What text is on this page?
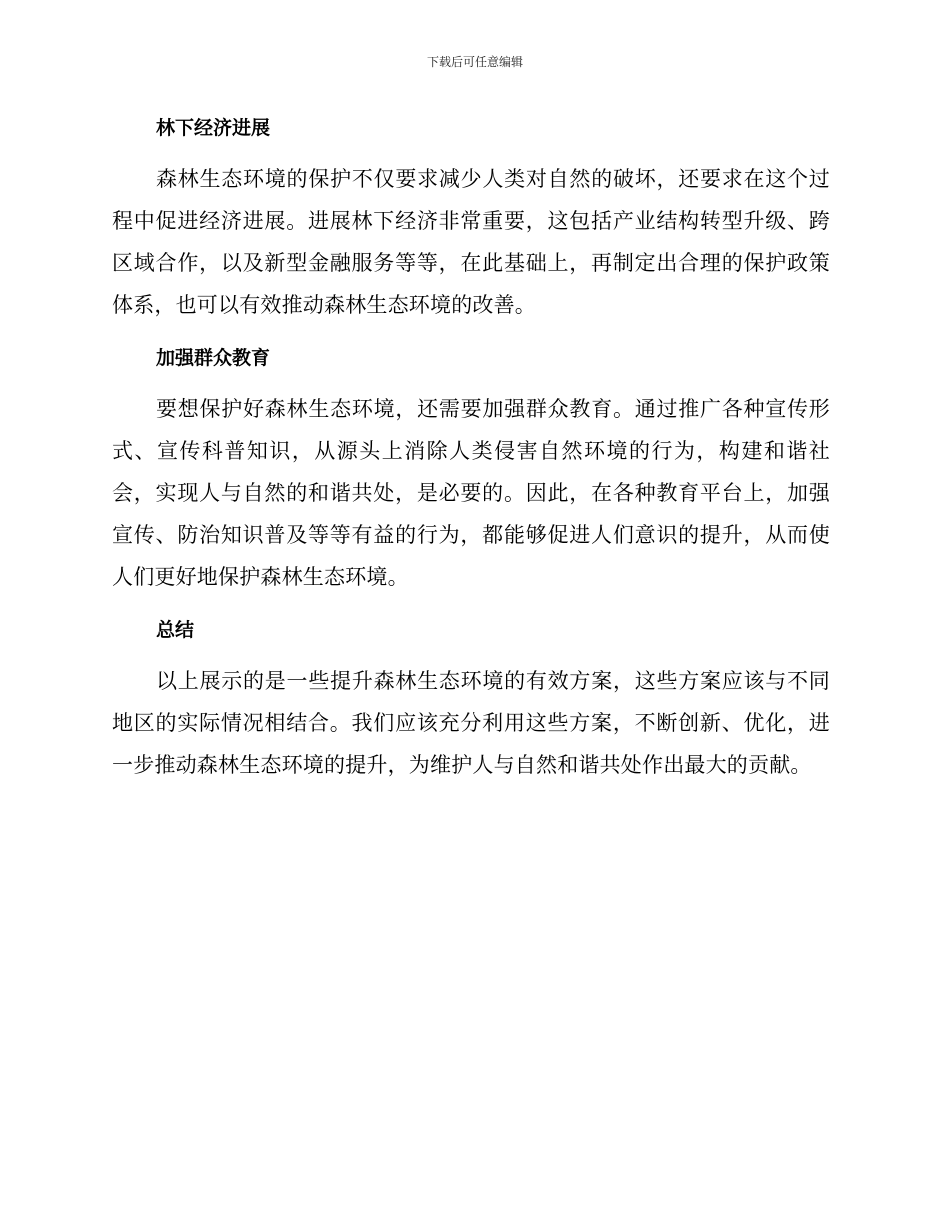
下载后可任意编辑
林下经济进展

森林生态环境的保护不仅要求减少人类对自然的破坏，还要求在这个过程中促进经济进展。进展林下经济非常重要，这包括产业结构转型升级、跨区域合作，以及新型金融服务等等，在此基础上，再制定出合理的保护政策体系，也可以有效推动森林生态环境的改善。

加强群众教育

要想保护好森林生态环境，还需要加强群众教育。通过推广各种宣传形式、宣传科普知识，从源头上消除人类侵害自然环境的行为，构建和谐社会，实现人与自然的和谐共处，是必要的。因此，在各种教育平台上，加强宣传、防治知识普及等等有益的行为，都能够促进人们意识的提升，从而使人们更好地保护森林生态环境。

总结

以上展示的是一些提升森林生态环境的有效方案，这些方案应该与不同地区的实际情况相结合。我们应该充分利用这些方案，不断创新、优化，进一步推动森林生态环境的提升，为维护人与自然和谐共处作出最大的贡献。
